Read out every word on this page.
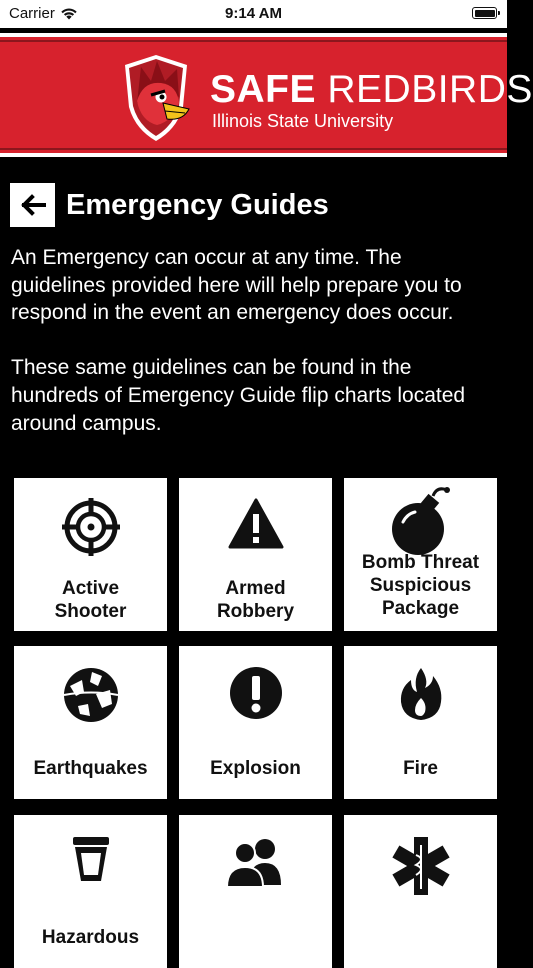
Carrier	9:14 AM
SAFE REDBIRDS
Illinois State University
Emergency Guides

An Emergency can occur at any time. The guidelines provided here will help prepare you to respond in the event an emergency does occur.

These same guidelines can be found in the hundreds of Emergency Guide flip charts located around campus.

Active
Shooter
Armed
Robbery
Bomb Threat
Suspicious
Package
Earthquakes	Explosion	Fire
Hazardous
